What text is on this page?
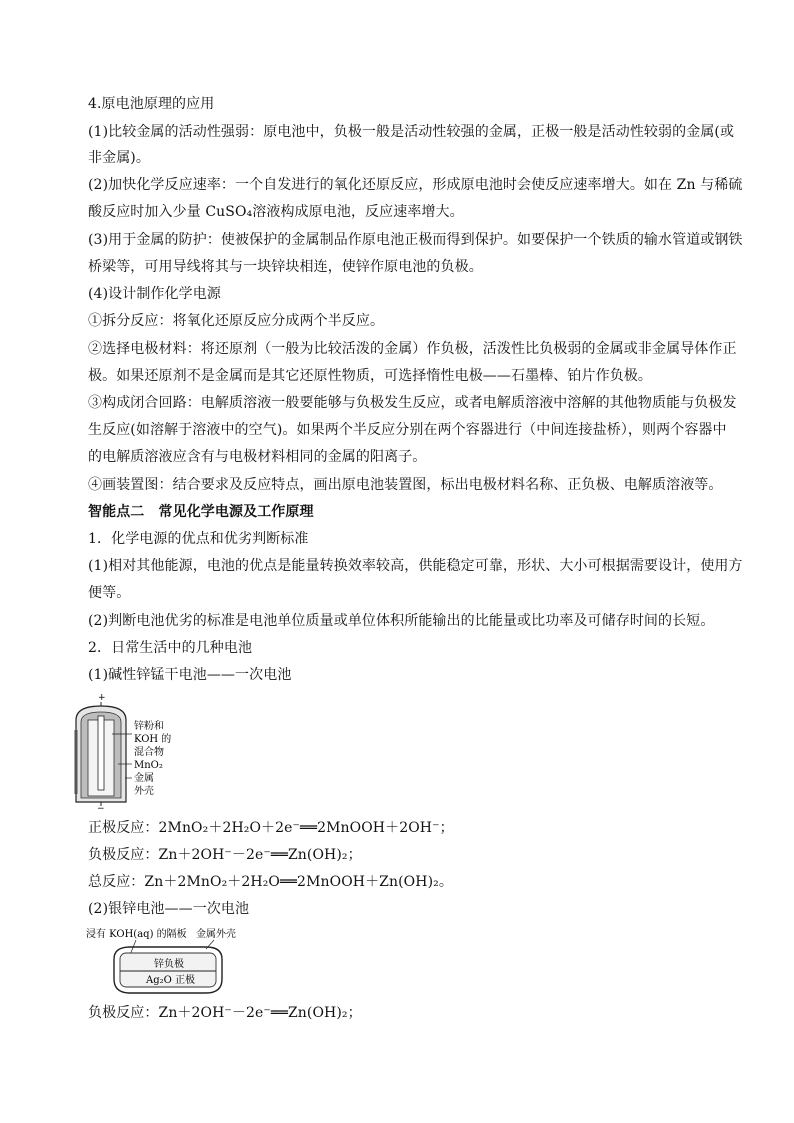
4.原电池原理的应用
(1)比较金属的活动性强弱：原电池中，负极一般是活动性较强的金属，正极一般是活动性较弱的金属(或
非金属)。
(2)加快化学反应速率：一个自发进行的氧化还原反应，形成原电池时会使反应速率增大。如在 Zn 与稀硫
酸反应时加入少量 CuSO₄溶液构成原电池，反应速率增大。
(3)用于金属的防护：使被保护的金属制品作原电池正极而得到保护。如要保护一个铁质的输水管道或钢铁
桥梁等，可用导线将其与一块锌块相连，使锌作原电池的负极。
(4)设计制作化学电源
①拆分反应：将氧化还原反应分成两个半反应。
②选择电极材料：将还原剂（一般为比较活泼的金属）作负极，活泼性比负极弱的金属或非金属导体作正
极。如果还原剂不是金属而是其它还原性物质，可选择惰性电极——石墨棒、铂片作负极。
③构成闭合回路：电解质溶液一般要能够与负极发生反应，或者电解质溶液中溶解的其他物质能与负极发
生反应(如溶解于溶液中的空气)。如果两个半反应分别在两个容器进行（中间连接盐桥），则两个容器中
的电解质溶液应含有与电极材料相同的金属的阳离子。
④画装置图：结合要求及反应特点，画出原电池装置图，标出电极材料名称、正负极、电解质溶液等。
智能点二　常见化学电源及工作原理
1．化学电源的优点和优劣判断标准
(1)相对其他能源，电池的优点是能量转换效率较高，供能稳定可靠，形状、大小可根据需要设计，使用方
便等。
(2)判断电池优劣的标准是电池单位质量或单位体积所能输出的比能量或比功率及可储存时间的长短。
2．日常生活中的几种电池
(1)碱性锌锰干电池——一次电池
+
−
锌粉和
KOH 的
混合物
MnO₂
金属
外壳
正极反应：2MnO₂＋2H₂O＋2e⁻══2MnOOH＋2OH⁻；
负极反应：Zn＋2OH⁻－2e⁻══Zn(OH)₂；
总反应：Zn＋2MnO₂＋2H₂O══2MnOOH＋Zn(OH)₂。
(2)银锌电池——一次电池
浸有 KOH(aq) 的隔板 金属外壳
锌负极
Ag₂O 正极
负极反应：Zn＋2OH⁻－2e⁻══Zn(OH)₂；
